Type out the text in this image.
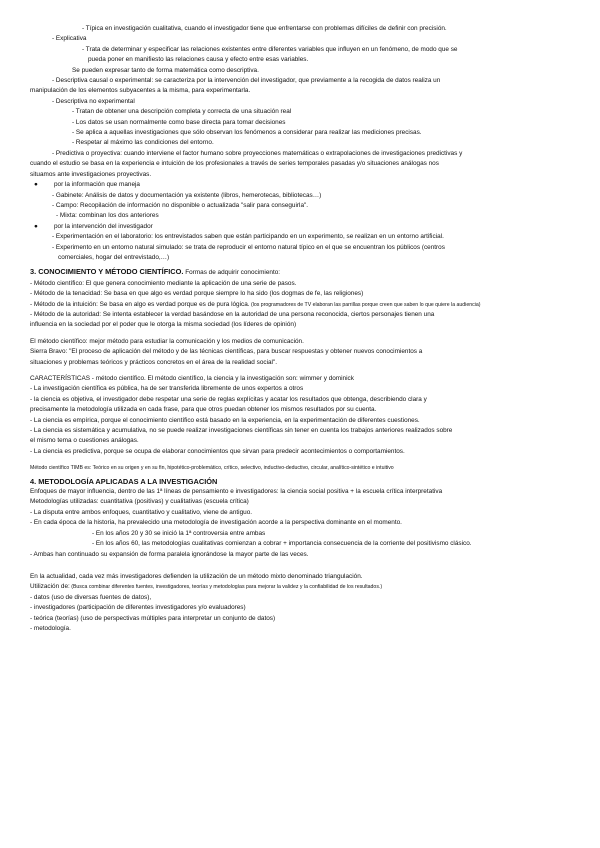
- Típica en investigación cualitativa, cuando el investigador tiene que enfrentarse con problemas difíciles de definir con precisión.
- Explicativa
- Trata de determinar y especificar las relaciones existentes entre diferentes variables que influyen en un fenómeno, de modo que se
pueda poner en manifiesto las relaciones causa y efecto entre esas variables.
Se pueden expresar tanto de forma matemática como descriptiva.
- Descriptiva causal o experimental: se caracteriza por la intervención del investigador, que previamente a la recogida de datos realiza un
manipulación de los elementos subyacentes a la misma, para experimentarla.
- Descriptiva no experimental
- Tratan de obtener una descripción completa y correcta de una situación real
- Los datos se usan normalmente como base directa para tomar decisiones
- Se aplica a aquellas investigaciones que sólo observan los fenómenos a considerar para realizar las mediciones precisas.
- Respetar al máximo las condiciones del entorno.
- Predictiva o proyectiva: cuando interviene el factor humano sobre proyecciones matemáticas o extrapolaciones de investigaciones predictivas y
cuando el estudio se basa en la experiencia e intuición de los profesionales a través de series temporales pasadas y/o situaciones análogas nos
situamos ante investigaciones proyectivas.
●	por la información que maneja
- Gabinete: Análisis de datos y documentación ya existente (libros, hemerotecas, bibliotecas…)
- Campo: Recopilación de información no disponible o actualizada "salir para conseguirla".
- Mixta: combinan los dos anteriores
●	por la intervención del investigador
- Experimentación en el laboratorio: los entrevistados saben que están participando en un experimento, se realizan en un entorno artificial.
- Experimento en un entorno natural simulado: se trata de reproducir el entorno natural típico en el que se encuentran los públicos (centros
comerciales, hogar del entrevistado,…)
3. CONOCIMIENTO Y MÉTODO CIENTÍFICO. Formas de adquirir conocimiento:
- Método científico: El que genera conocimiento mediante la aplicación de una serie de pasos.
- Método de la tenacidad: Se basa en que algo es verdad porque siempre lo ha sido (los dogmas de fe, las religiones)
- Método de la intuición: Se basa en algo es verdad porque es de pura lógica. (los programadores de TV elaboran las parrillas porque creen que saben lo que quiere la audiencia)
- Método de la autoridad: Se intenta establecer la verdad basándose en la autoridad de una persona reconocida, ciertos personajes tienen una
influencia en la sociedad por el poder que le otorga la misma sociedad (los líderes de opinión)
El método científico: mejor método para estudiar la comunicación y los medios de comunicación.
Sierra Bravo: "El proceso de aplicación del método y de las técnicas científicas, para buscar respuestas y obtener nuevos conocimientos a
situaciones y problemas teóricos y prácticos concretos en el área de la realidad social".
CARACTERÍSTICAS - método científico. El método científico, la ciencia y la investigación son: wimmer y dominick
- La investigación científica es pública, ha de ser transferida libremente de unos expertos a otros
- la ciencia es objetiva, el investigador debe respetar una serie de reglas explícitas y acatar los resultados que obtenga, describiendo clara y
precisamente la metodología utilizada en cada frase, para que otros puedan obtener los mismos resultados por su cuenta.
- La ciencia es empírica, porque el conocimiento científico está basado en la experiencia, en la experimentación de diferentes cuestiones.
- La ciencia es sistemática y acumulativa, no se puede realizar investigaciones científicas sin tener en cuenta los trabajos anteriores realizados sobre
el mismo tema o cuestiones análogas.
- La ciencia es predictiva, porque se ocupa de elaborar conocimientos que sirvan para predecir acontecimientos o comportamientos.
Método científico TIMB es: Teórico en su origen y en su fin, hipotético-problemático, crítico, selectivo, inductivo-deductivo, circular, analítico-sintético e intuitivo
4. METODOLOGÍA APLICADAS A LA INVESTIGACIÓN
Enfoques de mayor influencia, dentro de las 1ª líneas de pensamiento e investigadores: la ciencia social positiva + la escuela crítica interpretativa
Metodologías utilizadas: cuantitativa (positivas) y cualitativas (escuela crítica)
- La disputa entre ambos enfoques, cuantitativo y cualitativo, viene de antiguo.
- En cada época de la historia, ha prevalecido una metodología de investigación acorde a la perspectiva dominante en el momento.
- En los años 20 y 30 se inició la 1ª controversia entre ambas
- En los años 60, las metodologías cualitativas comienzan a cobrar + importancia consecuencia de la corriente del positivismo clásico.
- Ambas han continuado su expansión de forma paralela ignorándose la mayor parte de las veces.
En la actualidad, cada vez más investigadores defienden la utilización de un método mixto denominado triangulación.
Utilización de: (Busca combinar diferentes fuentes, investigadores, teorías y metodologías para mejorar la validez y la confiabilidad de los resultados.)
- datos (uso de diversas fuentes de datos),
- investigadores (participación de diferentes investigadores y/o evaluadores)
- teórica (teorías) (uso de perspectivas múltiples para interpretar un conjunto de datos)
- metodología.
